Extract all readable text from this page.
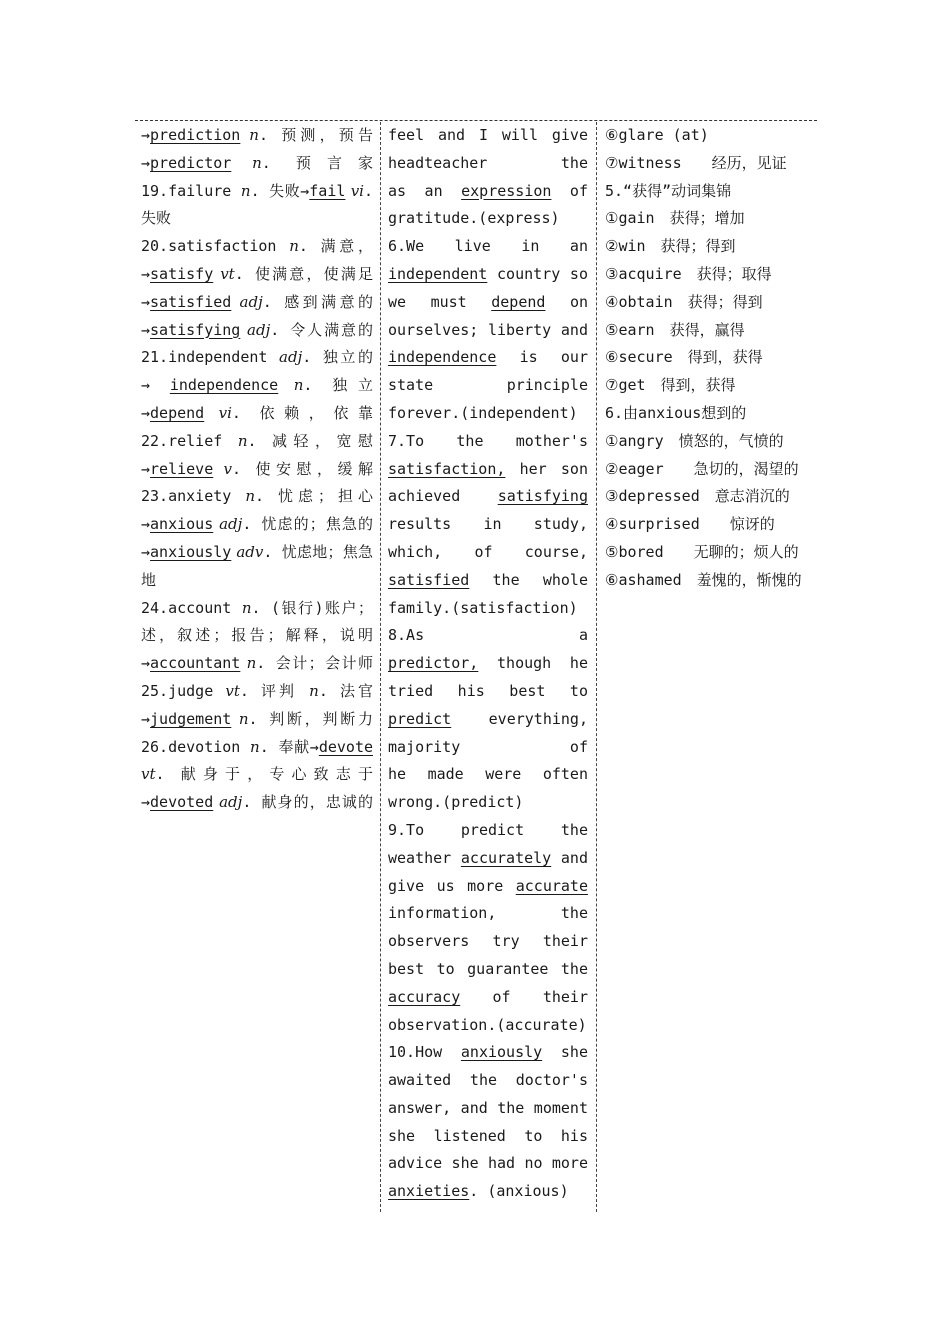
→prediction n. 预测，预告
→predictor n. 预言家
19.failure n. 失败→fail vi.
失败
20.satisfaction n. 满意，
→satisfy vt. 使满意，使满足
→satisfied adj. 感到满意的
→satisfying adj. 令人满意的
21.independent adj. 独立的
→ independence n. 独立
→depend vi. 依赖，依靠
22.relief n. 减轻，宽慰
→relieve v. 使安慰，缓解
23.anxiety n. 忧虑；担心
→anxious adj. 忧虑的；焦急的
→anxiously adv. 忧虑地；焦急
地
24.account n. (银行)账户；
述，叙述；报告；解释，说明
→accountant n. 会计；会计师
25.judge vt. 评判 n. 法官
→judgement n. 判断，判断力
26.devotion n. 奉献→devote
vt. 献身于，专心致志于
→devoted adj. 献身的，忠诚的
feel and I will give
headteacher the
as an expression of
gratitude.(express)
6.We live in an
independent country so
we must depend on
ourselves; liberty and
independence is our
state principle
forever.(independent)
7.To the mother's
satisfaction, her son
achieved satisfying
results in study,
which, of course,
satisfied the whole
family.(satisfaction)
8.As a
predictor, though he
tried his best to
predict everything,
majority of
he made were often
wrong.(predict)
9.To predict the
weather accurately and
give us more accurate
information, the
observers try their
best to guarantee the
accuracy of their
observation.(accurate)
10.How anxiously she
awaited the doctor's
answer, and the moment
she listened to his
advice she had no more
anxieties. (anxious)
⑥glare (at)
⑦witness　　经历，见证
5.“获得”动词集锦
①gain　获得；增加
②win　获得；得到
③acquire　获得；取得
④obtain　获得；得到
⑤earn　获得，赢得
⑥secure　得到，获得
⑦get　得到，获得
6.由anxious想到的
①angry　愤怒的，气愤的
②eager　　急切的，渴望的
③depressed　意志消沉的
④surprised　　惊讶的
⑤bored　　无聊的；烦人的
⑥ashamed　羞愧的，惭愧的
